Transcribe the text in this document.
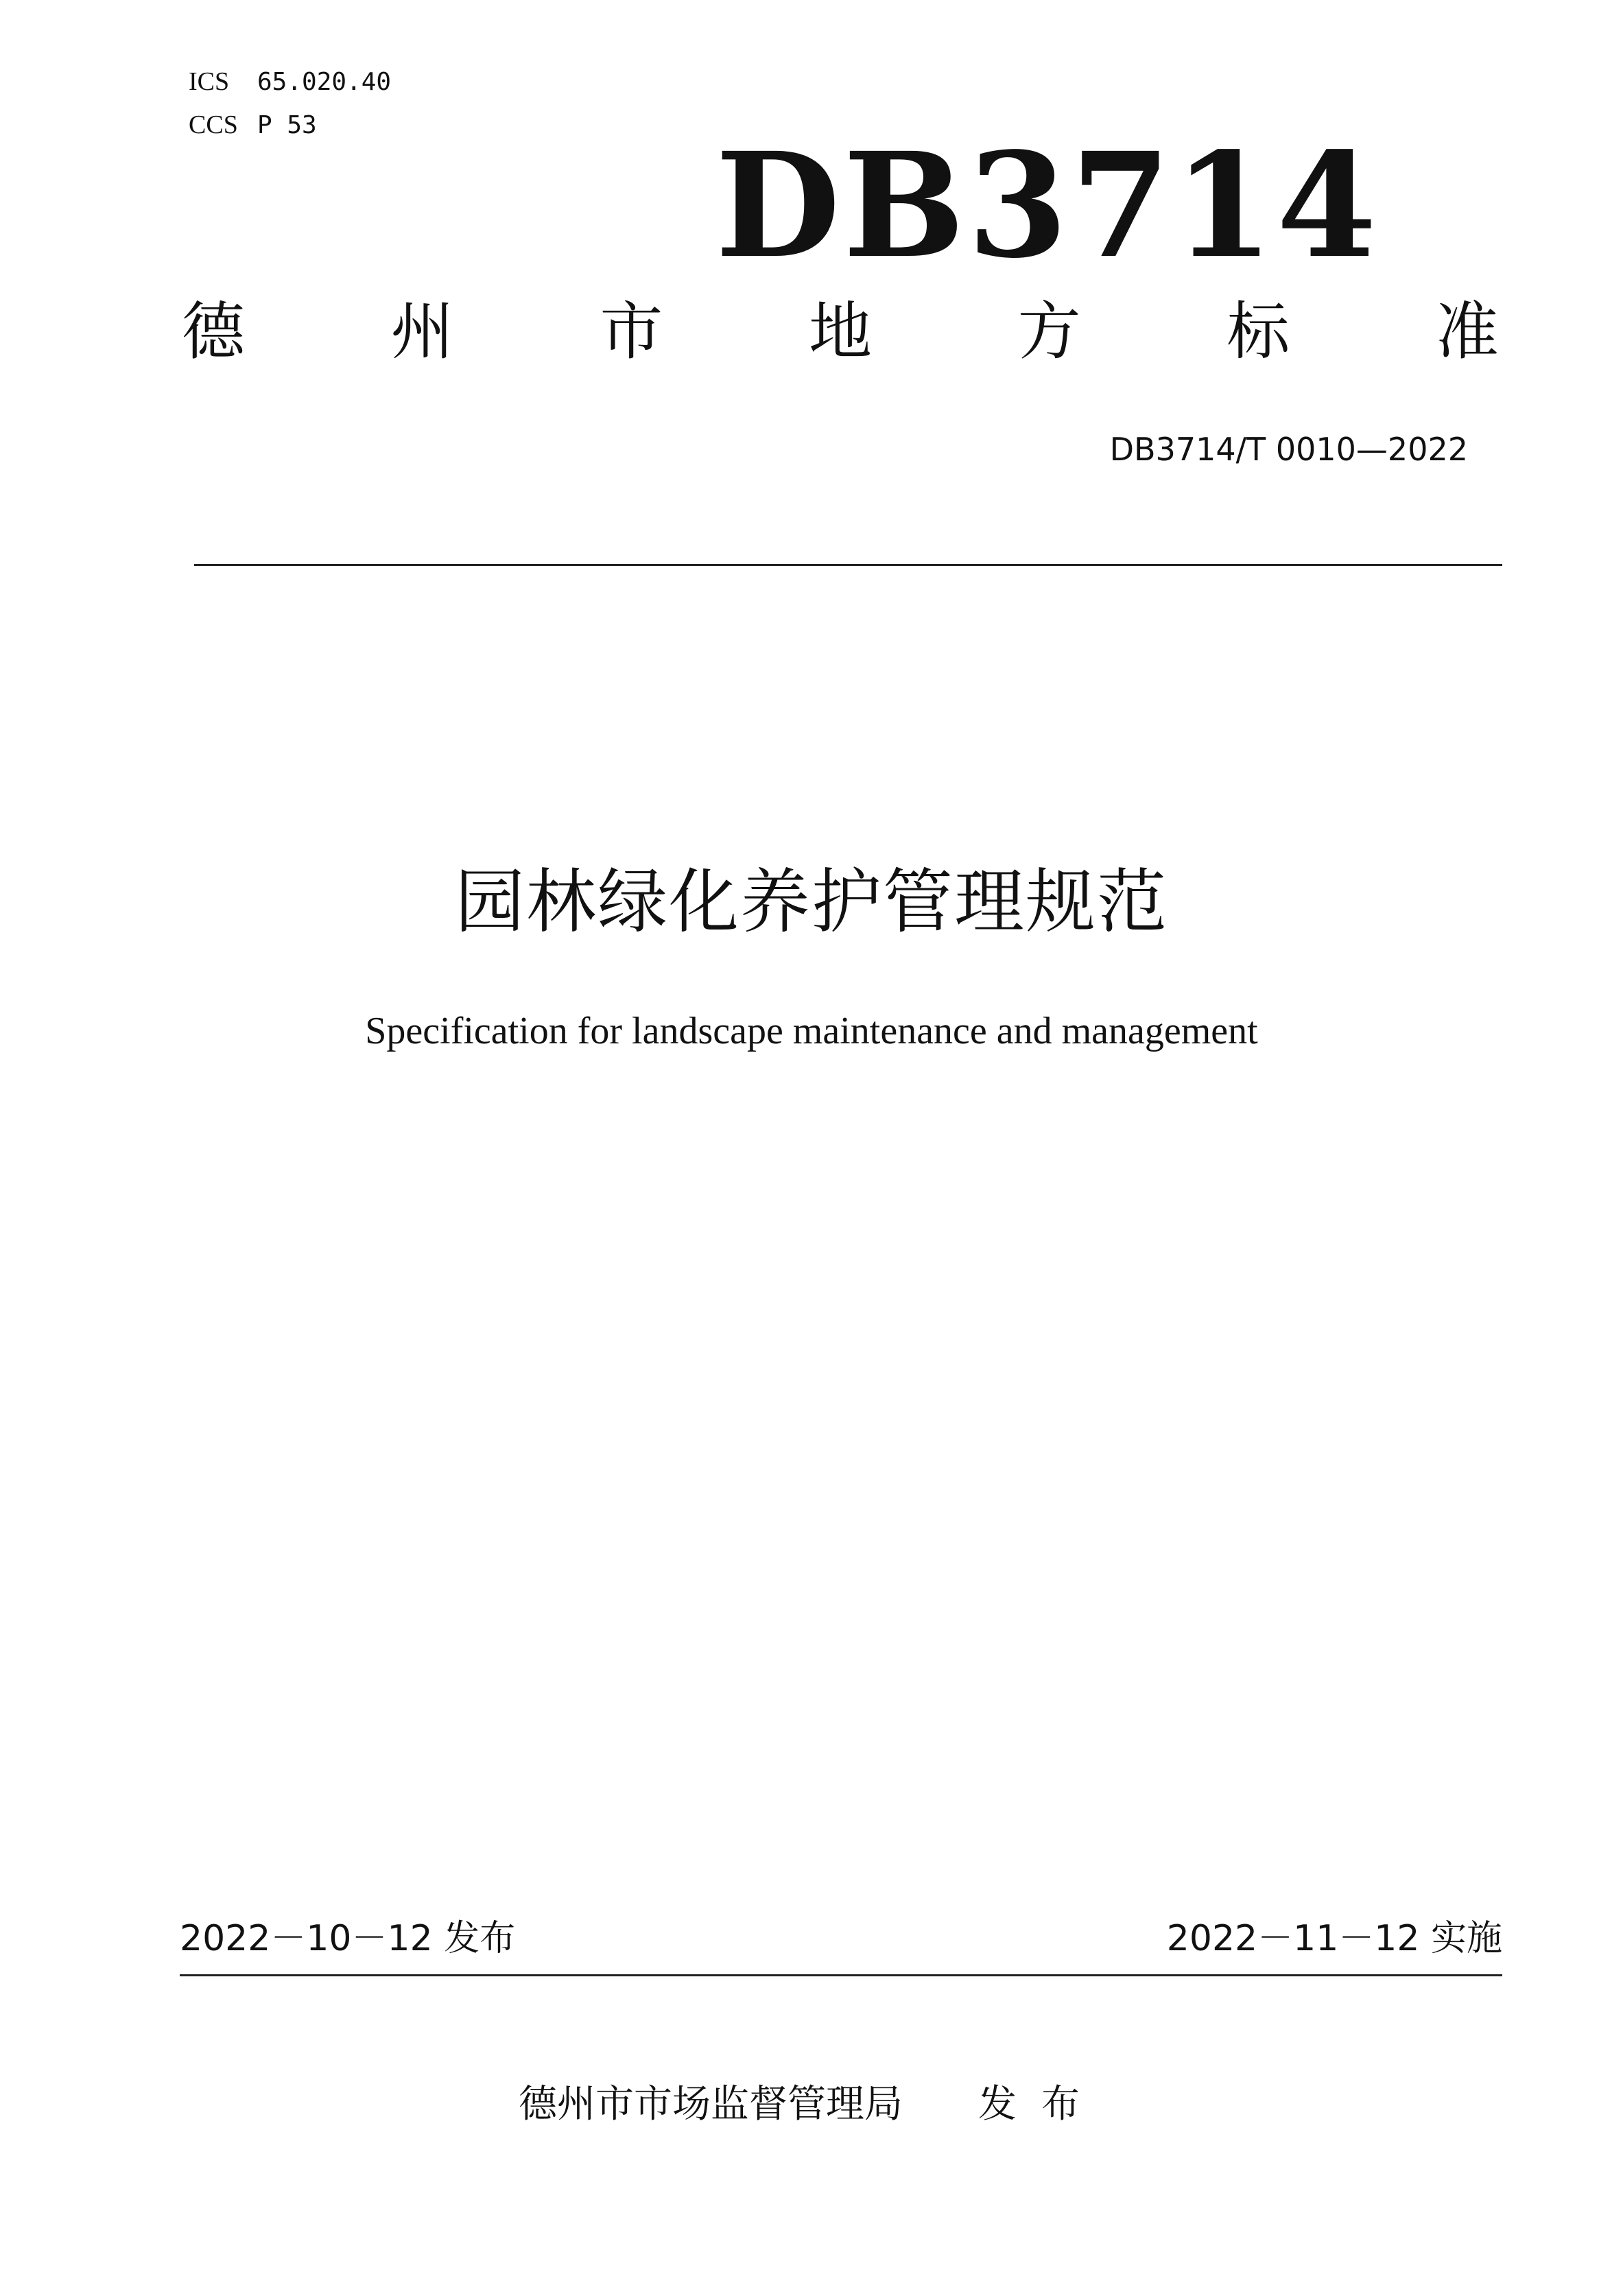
ICS 65.020.40
CCS P 53	DB3714
德 州 市 地 方 标 准
DB3714/T 0010—2022
园林绿化养护管理规范
Specification for landscape maintenance and management
2022－10－12 发布	2022－11－12 实施
德州市市场监督管理局 发布
